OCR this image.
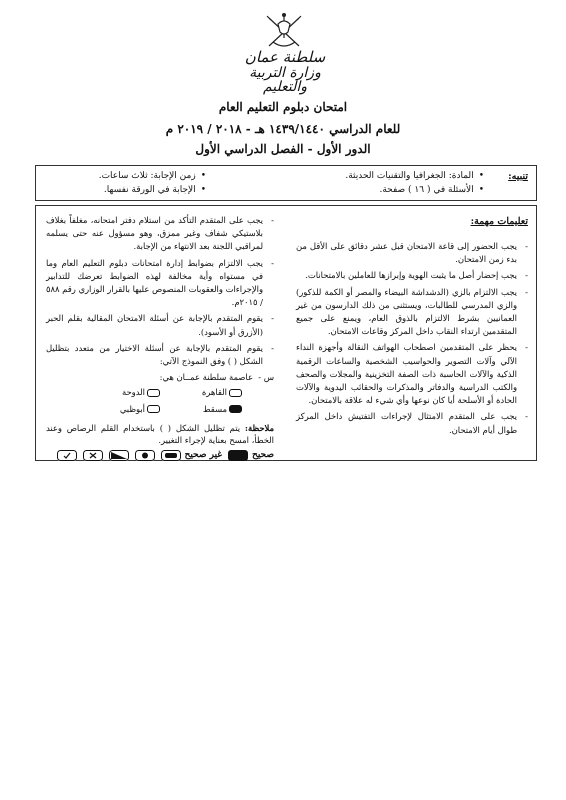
سلطنة عمان
وزارة التربية والتعليم
امتحان دبلوم التعليم العام
للعام الدراسي ١٤٣٩/١٤٤٠ هـ - ٢٠١٨ / ٢٠١٩ م
الدور الأول - الفصل الدراسي الأول
تنبيه:
• المادة: الجغرافيا والتقنيات الحديثة.
• الأسئلة في ( ١٦ ) صفحة.
• زمن الإجابة: ثلاث ساعات.
• الإجابة في الورقة نفسها.
تعليمات مهمة:
- يجب الحضور إلى قاعة الامتحان قبل عشر دقائق على الأقل من بدء زمن الامتحان.
- يجب إحضار أصل ما يثبت الهوية وإبرازها للعاملين بالامتحانات.
- يجب الالتزام بالزي (الدشداشة البيضاء والمصر أو الكمة للذكور) والزي المدرسي للطالبات، ويستثنى من ذلك الدارسون من غير العمانيين بشرط الالتزام بالذوق العام، ويمنع على جميع المتقدمين ارتداء النقاب داخل المركز وقاعات الامتحان.
- يحظر على المتقدمين اصطحاب الهواتف النقالة وأجهزة النداء الآلي وآلات التصوير والحواسيب الشخصية والساعات الرقمية الذكية والآلات الحاسبة ذات الصفة التخزينية والمجلات والصحف والكتب الدراسية والدفاتر والمذكرات والحقائب اليدوية والآلات الحادة أو الأسلحة أيا كان نوعها وأي شيء له علاقة بالامتحان.
- يجب على المتقدم الامتثال لإجراءات التفتيش داخل المركز طوال أيام الامتحان.
- يجب على المتقدم التأكد من استلام دفتر امتحانه، مغلفاً بغلاف بلاستيكي شفاف وغير ممزق، وهو مسؤول عنه حتى يسلمه لمراقبي اللجنة بعد الانتهاء من الإجابة.
- يجب الالتزام بضوابط إدارة امتحانات دبلوم التعليم العام وما في مستواه وأية مخالفة لهذه الضوابط تعرضك للتدابير والإجراءات والعقوبات المنصوص عليها بالقرار الوزاري رقم ٥٨٨ / ٢٠١٥م.
- يقوم المتقدم بالإجابة عن أسئلة الامتحان المقالية بقلم الحبر (الأزرق أو الأسود).
- يقوم المتقدم بالإجابة عن أسئلة الاختيار من متعدد بتظليل الشكل ( ) وفق النموذج الآتي:
س -

عاصمة سلطنة عمــان هي:
القاهرة
الدوحة
مسقط
أبوظبي
ملاحظة: يتم تظليل الشكل ( ) باستخدام القلم الرصاص وعند الخطأ، امسح بعناية لإجراء التغيير.
صحيح
غير صحيح
